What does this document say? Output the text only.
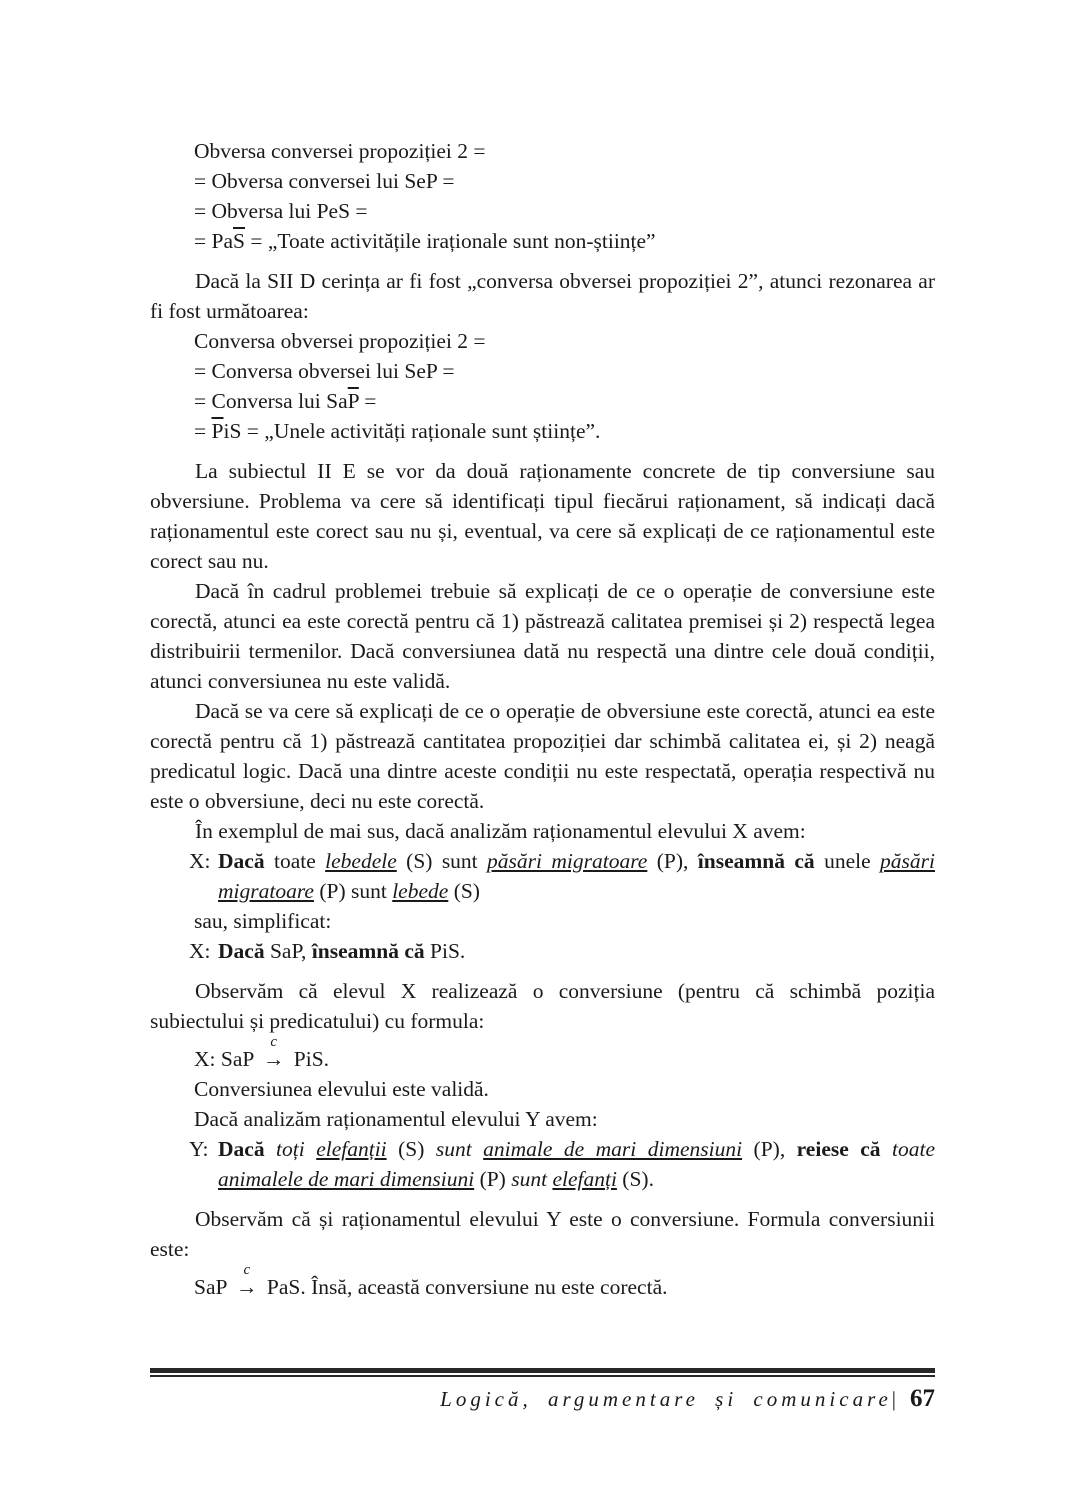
Obversa conversei propoziției 2 =
= Obversa conversei lui SeP =
= Obversa lui PeS =
= $Pa\overline{S}$ = „Toate activitățile iraționale sunt non-științe”

Dacă la SII D cerința ar fi fost „conversa obversei propoziției 2”, atunci rezonarea ar fi fost următoarea:

Conversa obversei propoziției 2 =
= Conversa obversei lui SeP =
= Conversa lui $Sa\overline{P}$ =
= $\overline{P}iS$ = „Unele activități raționale sunt științe”.

La subiectul II E se vor da două raționamente concrete de tip conversiune sau obversiune. Problema va cere să identificați tipul fiecărui raționament, să indicați dacă raționamentul este corect sau nu și, eventual, va cere să explicați de ce raționamentul este corect sau nu.

Dacă în cadrul problemei trebuie să explicați de ce o operație de conversiune este corectă, atunci ea este corectă pentru că 1) păstrează calitatea premisei și 2) respectă legea distribuirii termenilor. Dacă conversiunea dată nu respectă una dintre cele două condiții, atunci conversiunea nu este validă.

Dacă se va cere să explicați de ce o operație de obversiune este corectă, atunci ea este corectă pentru că 1) păstrează cantitatea propoziției dar schimbă calitatea ei, și 2) neagă predicatul logic. Dacă una dintre aceste condiții nu este respectată, operația respectivă nu este o obversiune, deci nu este corectă.

În exemplul de mai sus, dacă analizăm raționamentul elevului X avem:

X: Dacă toate lebedele (S) sunt păsări migratoare (P), înseamnă că unele păsări migratoare (P) sunt lebede (S)
sau, simplificat:
X: Dacă SaP, înseamnă că PiS.

Observăm că elevul X realizează o conversiune (pentru că schimbă poziția subiectului și predicatului) cu formula:

X: SaP
c
→ PiS.
Conversiunea elevului este validă.
Dacă analizăm raționamentul elevului Y avem:
Y: Dacă toți elefanții (S) sunt animale de mari dimensiuni (P), reiese că toate animalele de mari dimensiuni (P) sunt elefanți (S).

Observăm că și raționamentul elevului Y este o conversiune. Formula conversiunii este:

SaP
c
→ PaS. Însă, această conversiune nu este corectă.
Logică, argumentare și comunicare| 67
